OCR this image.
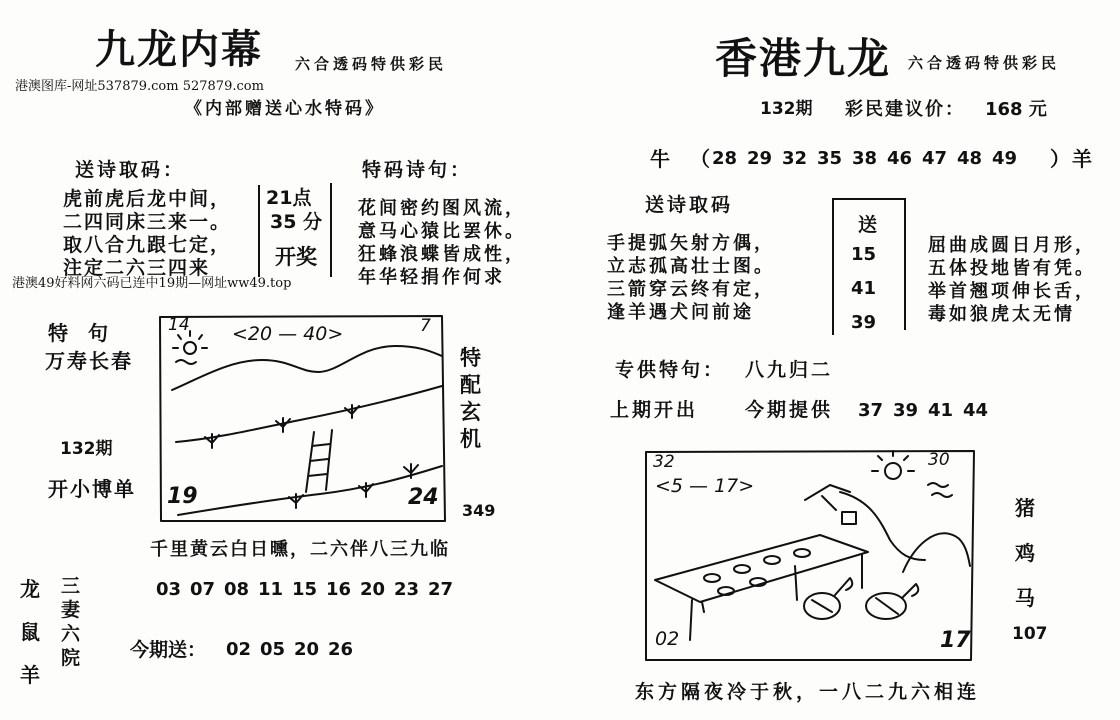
九龙内幕 六合透码特供彩民
港澳图库-网址537879.com 527879.com
《内部赠送心水特码》
送诗取码：
虎前虎后龙中间，
二四同床三来一。
取八合九跟七定，
注定二六三四来
21点
35 分
开奖
特码诗句：
花间密约图风流，
意马心猿比罢休。
狂蜂浪蝶皆成性，
年华轻捐作何求
港澳49好料网六码已连中19期—网址ww49.top
特　句
万寿长春
132期
开小博单
14 <20 — 40>	7
19	24
特
配
玄
机
349
千里黄云白日曛，二六伴八三九临
龙
鼠
羊
三
妻
六
院
03 07 08 11 15 16 20 23 27
今期送： 02 05 20 26
香港九龙 六合透码特供彩民
132期 彩民建议价： 168 元
牛 （ 28 29 32 35 38 46 47 48 49	） 羊
送诗取码
手提弧矢射方偶，
立志孤高壮士图。
三箭穿云终有定，
逢羊遇犬问前途
送
15
41
39
屈曲成圆日月形，
五体投地皆有凭。
举首翘项伸长舌，
毒如狼虎太无情
专供特句： 八九归二
上期开出 今期提供 37 39 41 44
32
<5 — 17>
30
02	17
猪
鸡
马
107
东方隔夜冷于秋，一八二九六相连
